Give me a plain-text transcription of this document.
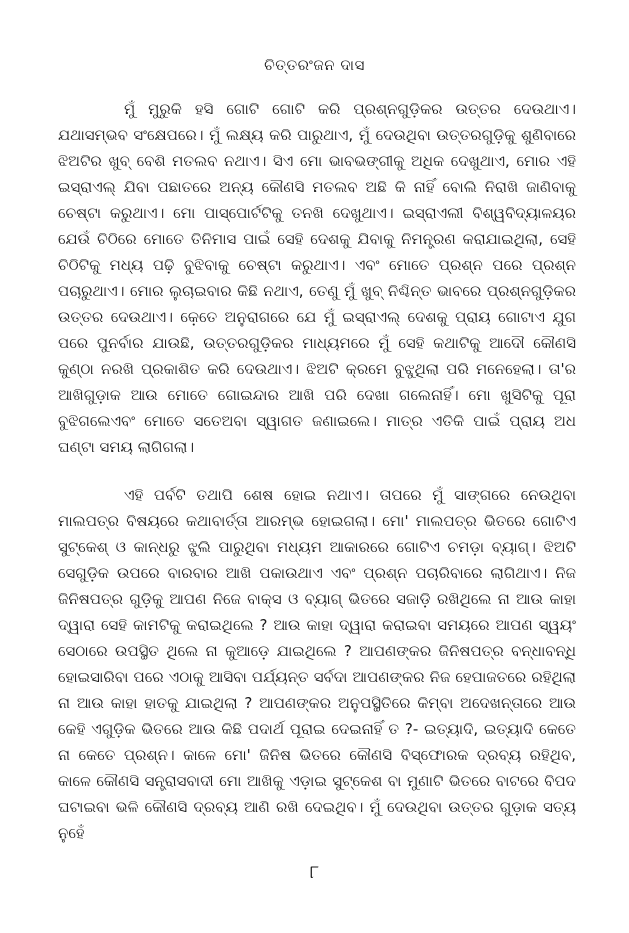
ଚିତ୍ତରଂଜନ ଦାସ

ମୁଁ ମୁରୁକି ହସି ଗୋଟି ଗୋଟି କରି ପ୍ରଶ୍ନଗୁଡ଼ିକର ଉତ୍ତର ଦେଉଥାଏ। ଯଥାସମ୍ଭବ ସଂକ୍ଷେପରେ। ମୁଁ ଲକ୍ଷ୍ୟ କରି ପାରୁଥାଏ, ମୁଁ ଦେଉଥିବା ଉତ୍ତରଗୁଡ଼ିକୁ ଶୁଣିବାରେ ଝିଅଟିର ଖୁବ୍ ବେଶି ମତଲବ ନଥାଏ। ସିଏ ମୋ ଭାବଭଙ୍ଗୀକୁ ଅଧିକ ଦେଖୁଥାଏ, ମୋର ଏହି ଇସ୍ରାଏଲ୍ ଯିବା ପଛାତରେ ଅନ୍ୟ କୌଣସି ମତଲବ ଅଛି କି ନାହିଁ ବୋଲି ନିରାଖି ଜାଣିବାକୁ ଚେଷ୍ଟା କରୁଥାଏ। ମୋ ପାସ୍‌ପୋର୍ଟଟିକୁ ତନଖି ଦେଖୁଥାଏ। ଇସ୍ରାଏଲୀ ବିଶ୍ୱବିଦ୍ୟାଳୟର ଯେଉଁ ଚିଠିରେ ମୋତେ ତିନିମାସ ପାଇଁ ସେହି ଦେଶକୁ ଯିବାକୁ ନିମନ୍ତ୍ରଣ କରାଯାଇଥିଲା, ସେହି ଚିଠିଟିକୁ ମଧ୍ୟ ପଢ଼ି ବୁଝିବାକୁ ଚେଷ୍ଟା କରୁଥାଏ। ଏବଂ ମୋତେ ପ୍ରଶ୍ନ ପରେ ପ୍ରଶ୍ନ ପଚାରୁଥାଏ। ମୋର ଲୁଚାଇବାର କିଛି ନଥାଏ, ତେଣୁ ମୁଁ ଖୁବ୍ ନିଶ୍ଚିନ୍ତ ଭାବରେ ପ୍ରଶ୍ନଗୁଡ଼ିକର ଉତ୍ତର ଦେଉଥାଏ। କେତେ଼ ଅନୁରାଗରେ ଯେ ମୁଁ ଇସ୍ରାଏଲ୍ ଦେଶକୁ ପ୍ରାୟ ଗୋଟାଏ ଯୁଗ ପରେ ପୁନର୍ବାର ଯାଉଛି, ଉତ୍ତରଗୁଡ଼ିକର ମାଧ୍ୟମରେ ମୁଁ ସେହି କଥାଟିକୁ ଆଦୌ କୌଣସି କୁଣ୍ଠା ନରଖି ପ୍ରକାଶିତ କରି ଦେଉଥାଏ। ଝିଅଟି କ୍ରମେ ବୁଝୁଥିଲା ପରି ମନେହେଲା। ତା'ର ଆଖିଗୁଡ଼ାକ ଆଉ ମୋତେ ଗୋଇନ୍ଦାର ଆଖି ପରି ଦେଖା ଗଲେନାହିଁ। ମୋ ଖୁସିଟିକୁ ପୂରା ବୁଝିଗଲେଏବଂ ମୋତେ ସତେଅବା ସ୍ୱାଗତ ଜଣାଇଲେ। ମାତ୍ର ଏତିକି ପାଇଁ ପ୍ରାୟ ଅଧ ଘଣ୍ଟା ସମୟ ଲାଗିଗଲା।

ଏହି ପର୍ବଟି ତଥାପି ଶେଷ ହୋଇ ନଥାଏ। ତାପରେ ମୁଁ ସାଙ୍ଗରେ ନେଉଥିବା ମାଲପତ୍ର ବିଷୟରେ କଥାବାର୍ତ୍ତା ଆରମ୍ଭ ହୋଇଗଲା। ମୋ' ମାଲପତ୍ର ଭିତରେ ଗୋଟିଏ ସୁଟ୍‌କେଶ୍ ଓ କାନ୍ଧରୁ ଝୁଲି ପାରୁଥିବା ମଧ୍ୟମ ଆକାରରେ ଗୋଟିଏ ଚମଡ଼ା ବ୍ୟାଗ୍। ଝିଅଟି ସେଗୁଡ଼ିକ ଉପରେ ବାରବାର ଆଖି ପକାଉଥାଏ ଏବଂ ପ୍ରଶ୍ନ ପଚାରିବାରେ ଲାଗିଥାଏ। ନିଜ ଜିନିଷପତ୍ର ଗୁଡ଼ିକୁ ଆପଣ ନିଜେ ବାକ୍ସ ଓ ବ୍ୟାଗ୍ ଭିତରେ ସଜାଡ଼ି ରଖିଥିଲେ ନା ଆଉ କାହା ଦ୍ୱାରା ସେହି କାମଟିକୁ କରାଇଥିଲେ ? ଆଉ କାହା ଦ୍ୱାରା କରାଇବା ସମୟରେ ଆପଣ ସ୍ୱୟଂ ସେଠାରେ ଉପସ୍ଥିତ ଥିଲେ ନା କୁଆଡ଼େ ଯାଇଥିଲେ ? ଆପଣଙ୍କର ଜିନିଷପତ୍ର ବନ୍ଧାବନ୍ଧି ହୋଇସାରିବା ପରେ ଏଠାକୁ ଆସିବା ପର୍ଯ୍ୟନ୍ତ ସର୍ବଦା ଆପଣଙ୍କର ନିଜ ହେପାଜତରେ ରହିଥିଲା ନା ଆଉ କାହା ହାତକୁ ଯାଇଥିଲା ? ଆପଣଙ୍କର ଅନୁପସ୍ଥିତିରେ କିମ୍ବା ଅଦେଖନ୍ତାରେ ଆଉ କେହି ଏଗୁଡ଼ିକ ଭିତରେ ଆଉ କିଛି ପଦାର୍ଥ ପୂରାଇ ଦେଇନାହିଁ ତ ?- ଇତ୍ୟାଦି, ଇତ୍ୟାଦି କେତେ ନା କେତେ ପ୍ରଶ୍ନ। କାଳେ ମୋ' ଜିନିଷ ଭିତରେ କୌଣସି ବିସ୍ଫୋରକ ଦ୍ରବ୍ୟ ରହିଥିବ, କାଳେ କୌଣସି ସନ୍ତ୍ରାସବାଦୀ ମୋ ଆଖିକୁ ଏଡ଼ାଇ ସୁଟ୍‌କେଶ ବା ମୁଣାଟି ଭିତରେ ବାଟରେ ବିପଦ ଘଟାଇବା ଭଳି କୌଣସି ଦ୍ରବ୍ୟ ଆଣି ରଖି ଦେଇଥିବ। ମୁଁ ଦେଉଥିବା ଉତ୍ତର ଗୁଡ଼ାକ ସତ୍ୟ ନୁହେଁ

୮
